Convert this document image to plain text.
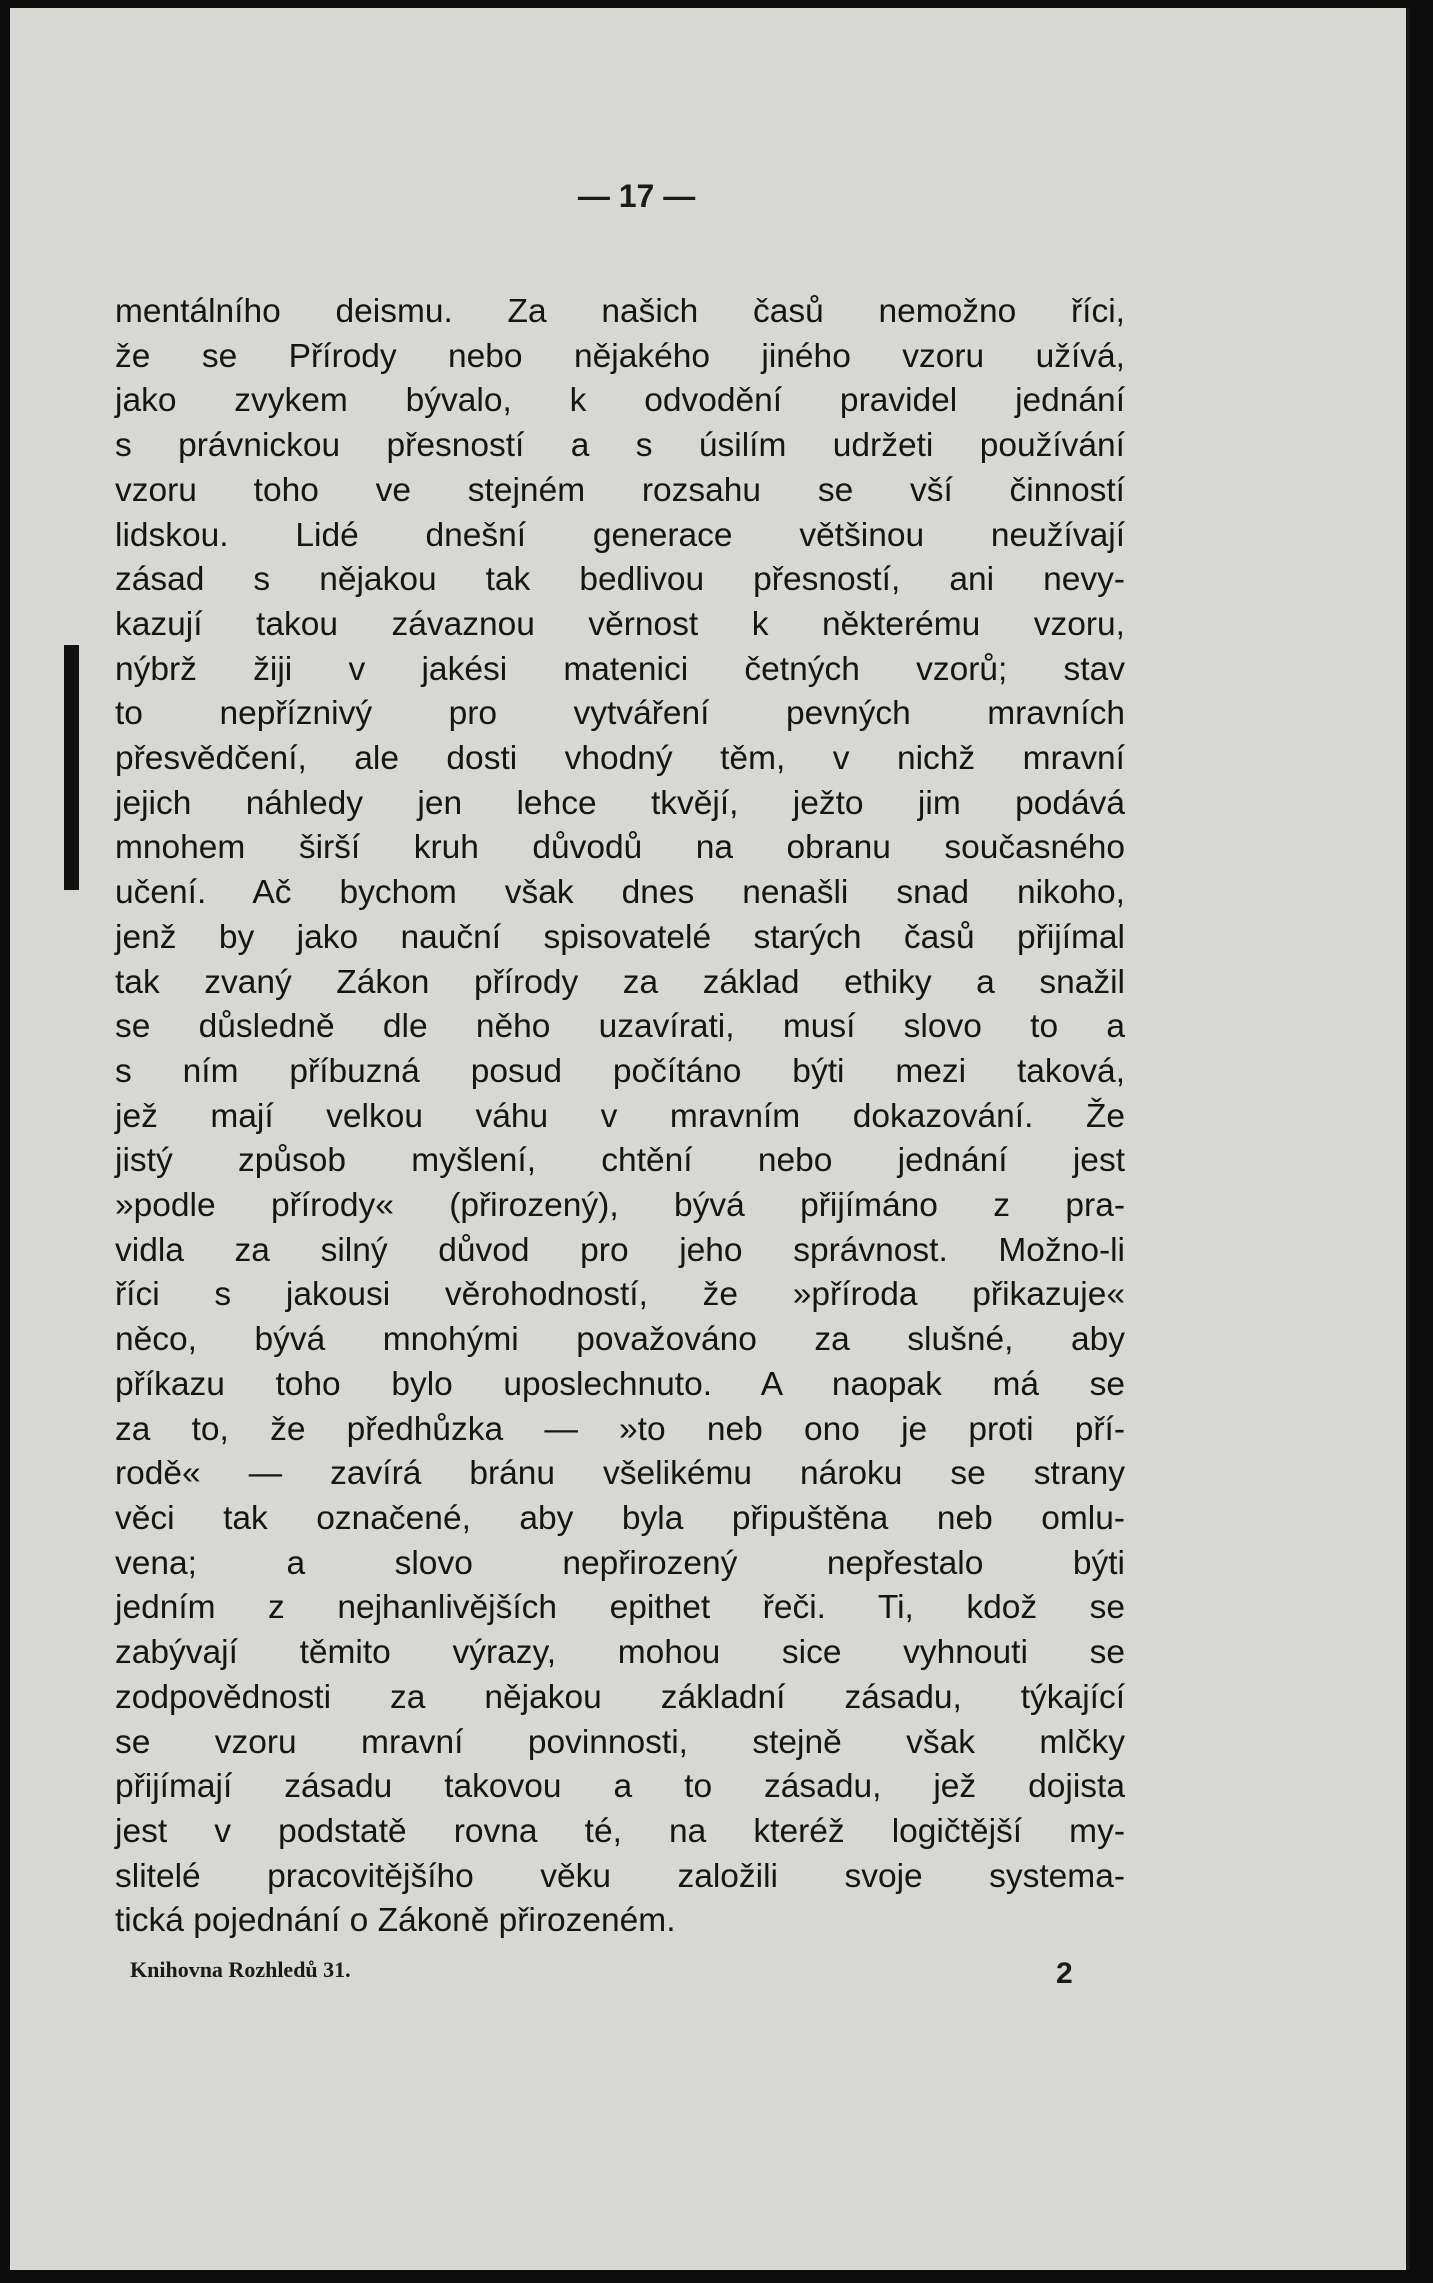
— 17 —
mentálního deismu. Za našich časů nemožno říci,
že se Přírody nebo nějakého jiného vzoru užívá,
jako zvykem bývalo, k odvodění pravidel jednání
s právnickou přesností a s úsilím udržeti používání
vzoru toho ve stejném rozsahu se vší činností
lidskou. Lidé dnešní generace většinou neužívají
zásad s nějakou tak bedlivou přesností, ani nevy-
kazují takou závaznou věrnost k některému vzoru,
nýbrž žiji v jakési matenici četných vzorů; stav
to nepříznivý pro vytváření pevných mravních
přesvědčení, ale dosti vhodný těm, v nichž mravní
jejich náhledy jen lehce tkvějí, ježto jim podává
mnohem širší kruh důvodů na obranu současného
učení. Ač bychom však dnes nenašli snad nikoho,
jenž by jako nauční spisovatelé starých časů přijímal
tak zvaný Zákon přírody za základ ethiky a snažil
se důsledně dle něho uzavírati, musí slovo to a
s ním příbuzná posud počítáno býti mezi taková,
jež mají velkou váhu v mravním dokazování. Že
jistý způsob myšlení, chtění nebo jednání jest
»podle přírody« (přirozený), bývá přijímáno z pra-
vidla za silný důvod pro jeho správnost. Možno-li
říci s jakousi věrohodností, že »příroda přikazuje«
něco, bývá mnohými považováno za slušné, aby
příkazu toho bylo uposlechnuto. A naopak má se
za to, že předhůzka — »to neb ono je proti pří-
rodě« — zavírá bránu všelikému nároku se strany
věci tak označené, aby byla připuštěna neb omlu-
vena; a slovo nepřirozený nepřestalo býti
jedním z nejhanlivějších epithet řeči. Ti, kdož se
zabývají těmito výrazy, mohou sice vyhnouti se
zodpovědnosti za nějakou základní zásadu, týkající
se vzoru mravní povinnosti, stejně však mlčky
přijímají zásadu takovou a to zásadu, jež dojista
jest v podstatě rovna té, na kteréž logičtější my-
slitelé pracovitějšího věku založili svoje systema-
tická pojednání o Zákoně přirozeném.
Knihovna Rozhledů 31.	2
